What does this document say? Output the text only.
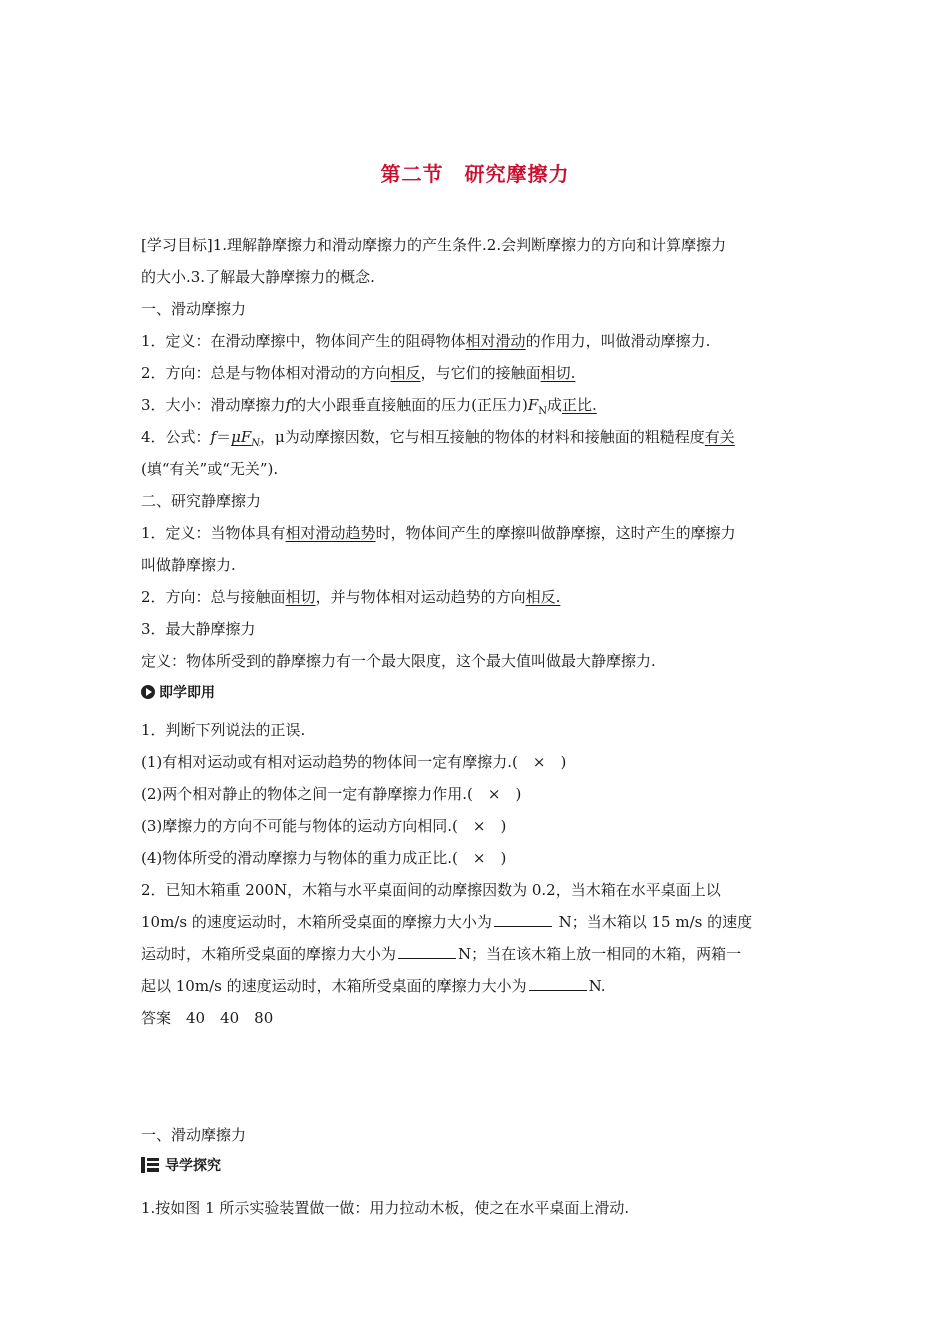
第二节　研究摩擦力
[学习目标]1.理解静摩擦力和滑动摩擦力的产生条件.2.会判断摩擦力的方向和计算摩擦力
的大小.3.了解最大静摩擦力的概念.
一、滑动摩擦力
1．定义：在滑动摩擦中，物体间产生的阻碍物体相对滑动的作用力，叫做滑动摩擦力.
2．方向：总是与物体相对滑动的方向相反，与它们的接触面相切.
3．大小：滑动摩擦力f的大小跟垂直接触面的压力(正压力)$F_N$成正比.
4．公式：$f=\mu F_N$，μ为动摩擦因数，它与相互接触的物体的材料和接触面的粗糙程度有关
(填“有关”或“无关”).
二、研究静摩擦力
1．定义：当物体具有相对滑动趋势时，物体间产生的摩擦叫做静摩擦，这时产生的摩擦力
叫做静摩擦力.
2．方向：总与接触面相切，并与物体相对运动趋势的方向相反.
3．最大静摩擦力
定义：物体所受到的静摩擦力有一个最大限度，这个最大值叫做最大静摩擦力.
即学即用
1．判断下列说法的正误.
(1)有相对运动或有相对运动趋势的物体间一定有摩擦力.(　×　)
(2)两个相对静止的物体之间一定有静摩擦力作用.(　×　)
(3)摩擦力的方向不可能与物体的运动方向相同.(　×　)
(4)物体所受的滑动摩擦力与物体的重力成正比.(　×　)
2．已知木箱重 200N，木箱与水平桌面间的动摩擦因数为 0.2，当木箱在水平桌面上以
10m/s 的速度运动时，木箱所受桌面的摩擦力大小为	N；当木箱以 15 m/s 的速度
运动时，木箱所受桌面的摩擦力大小为	N；当在该木箱上放一相同的木箱，两箱一
起以 10m/s 的速度运动时，木箱所受桌面的摩擦力大小为	N.
答案　40　40　80
一、滑动摩擦力
导学探究
1.按如图 1 所示实验装置做一做：用力拉动木板，使之在水平桌面上滑动.
